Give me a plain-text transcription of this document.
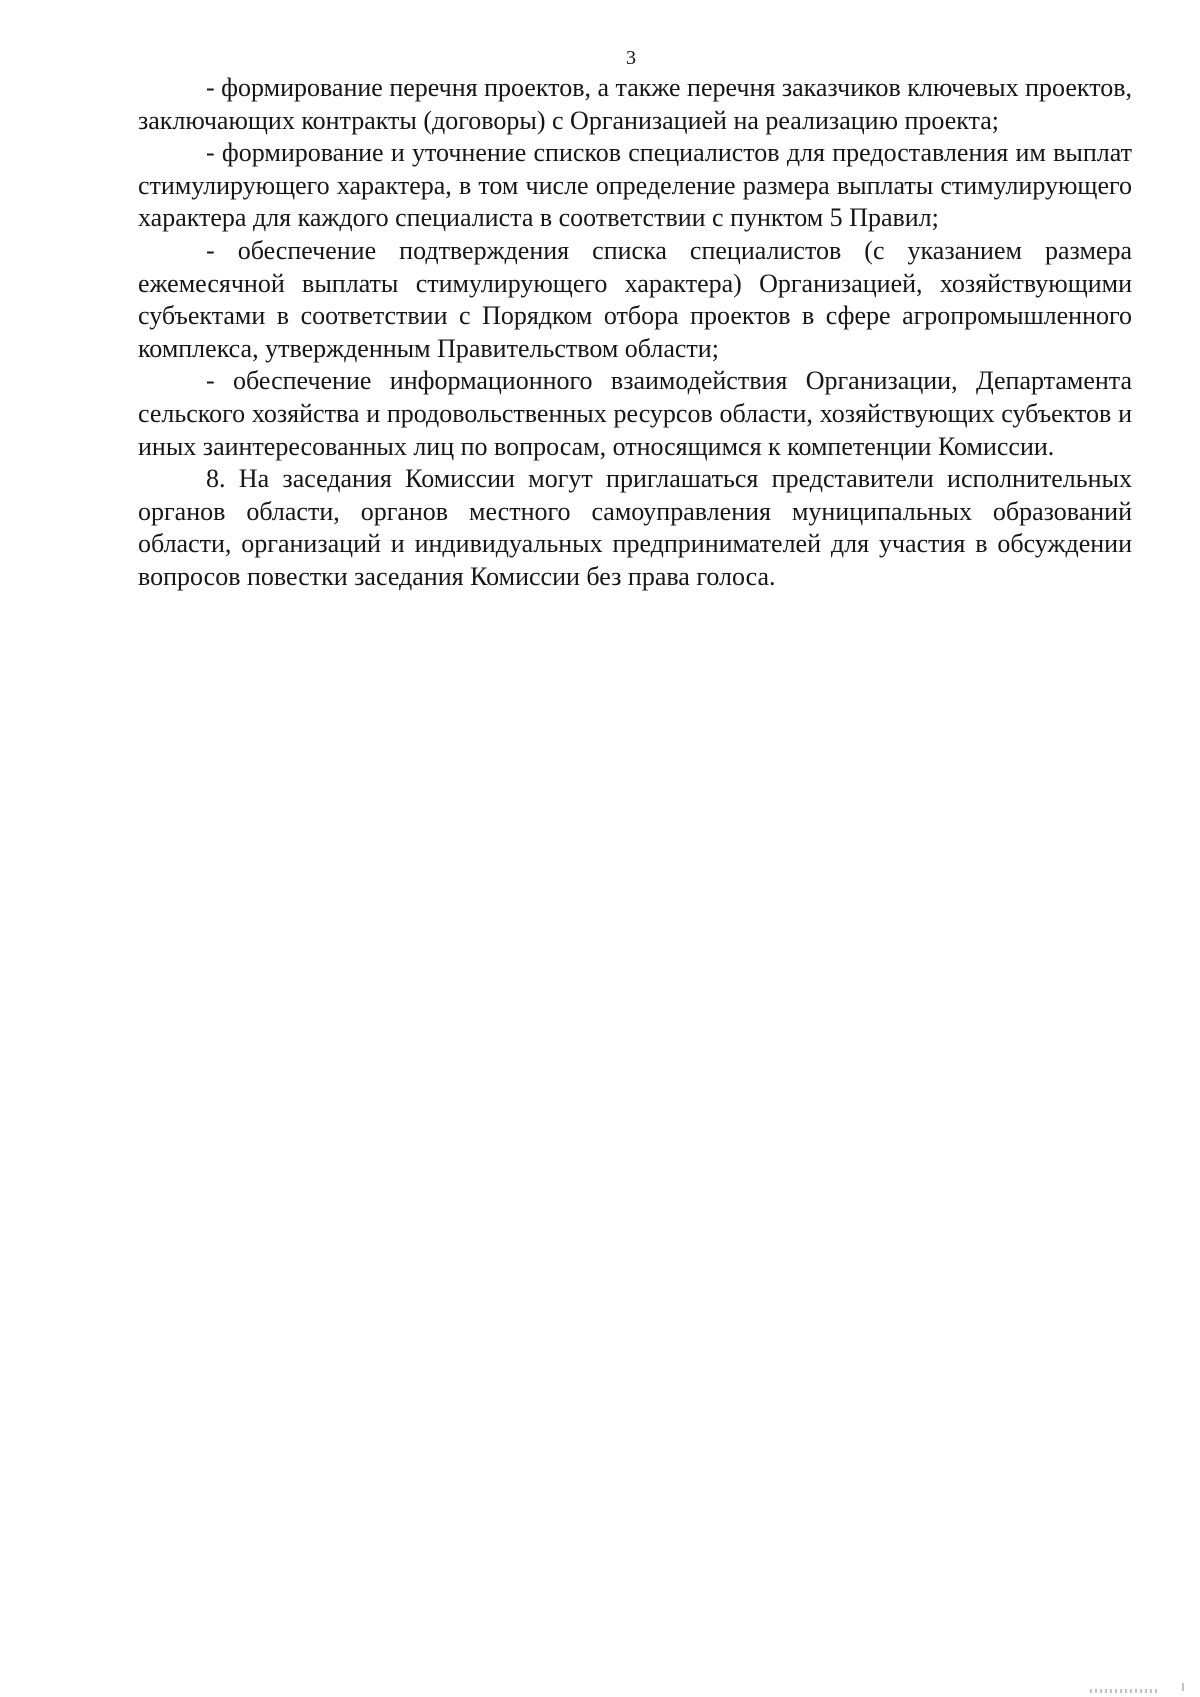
3

- формирование перечня проектов, а также перечня заказчиков ключевых проектов, заключающих контракты (договоры) с Организацией на реализацию проекта;

- формирование и уточнение списков специалистов для предоставления им выплат стимулирующего характера, в том числе определение размера выплаты стимулирующего характера для каждого специалиста в соответствии с пунктом 5 Правил;

- обеспечение подтверждения списка специалистов (с указанием размера ежемесячной выплаты стимулирующего характера) Организацией, хозяйствующими субъектами в соответствии с Порядком отбора проектов в сфере агропромышленного комплекса, утвержденным Правительством области;

- обеспечение информационного взаимодействия Организации, Департамента сельского хозяйства и продовольственных ресурсов области, хозяйствующих субъектов и иных заинтересованных лиц по вопросам, относящимся к компетенции Комиссии.

8. На заседания Комиссии могут приглашаться представители исполнительных органов области, органов местного самоуправления муниципальных образований области, организаций и индивидуальных предпринимателей для участия в обсуждении вопросов повестки заседания Комиссии без права голоса.
